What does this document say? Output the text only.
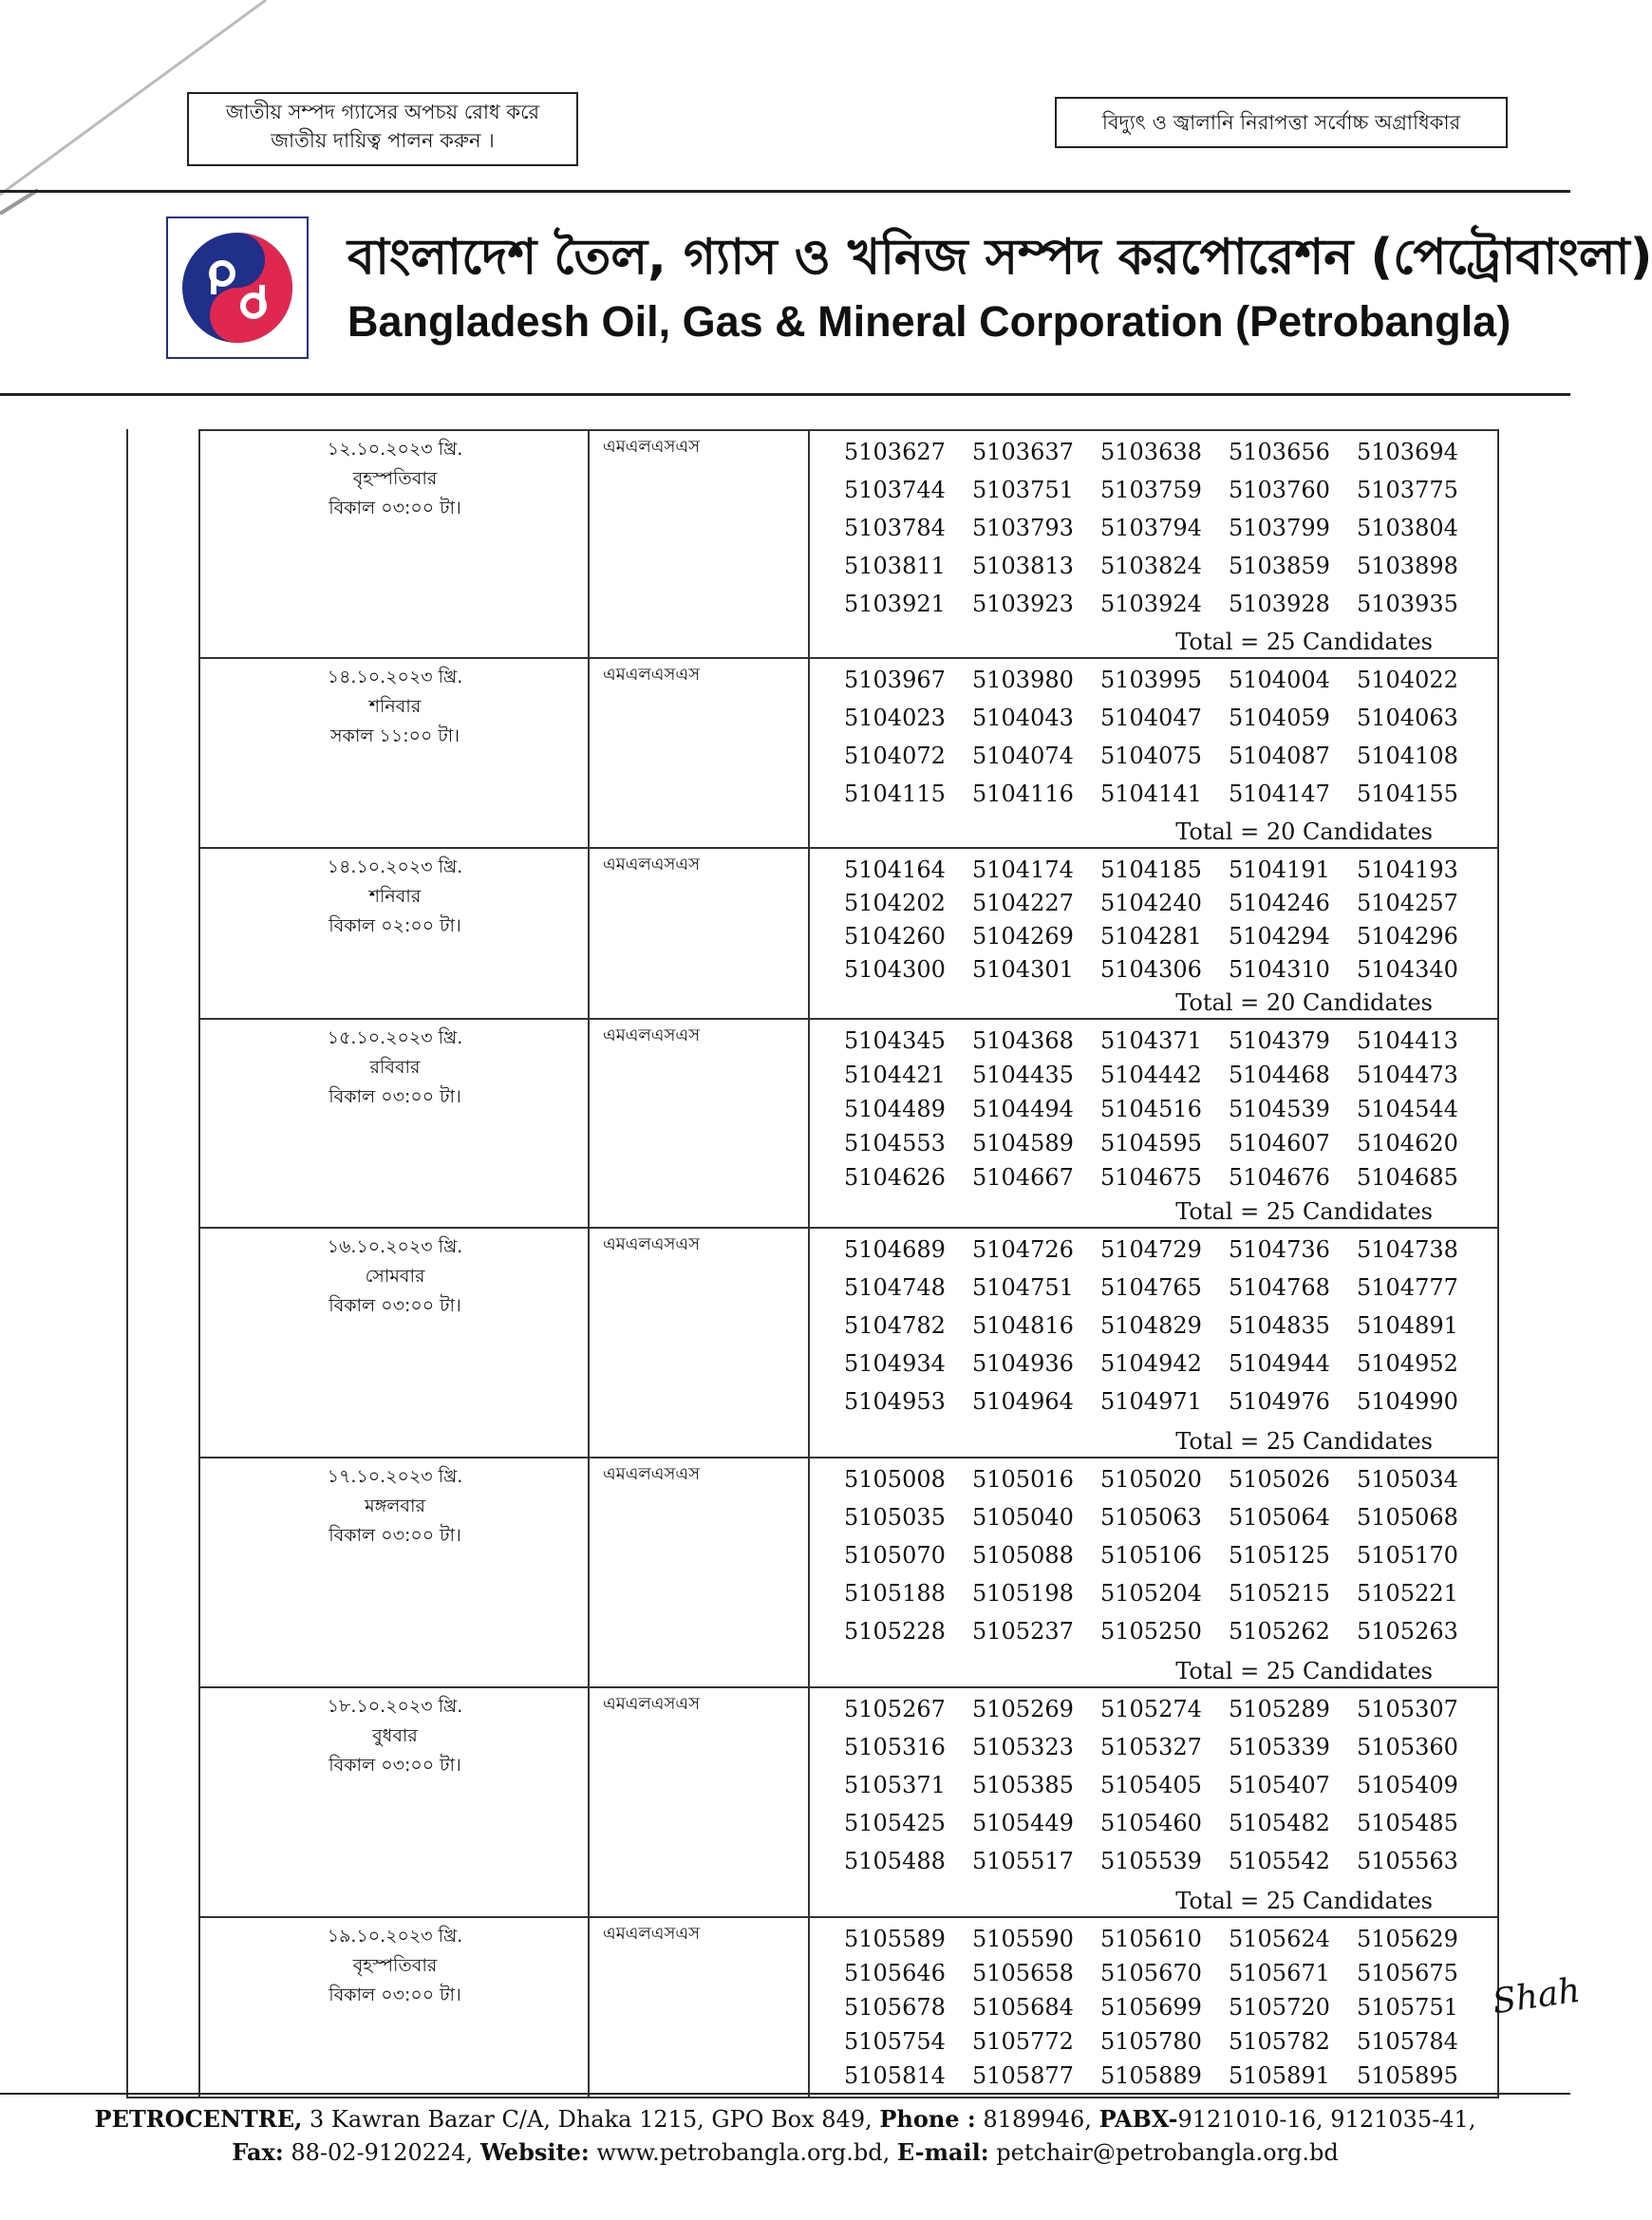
জাতীয় সম্পদ গ্যাসের অপচয় রোধ করে
জাতীয় দায়িত্ব পালন করুন ।
বিদ্যুৎ ও জ্বালানি নিরাপত্তা সর্বোচ্চ অগ্রাধিকার
বাংলাদেশ তৈল, গ্যাস ও খনিজ সম্পদ করপোরেশন (পেট্রোবাংলা)
Bangladesh Oil, Gas & Mineral Corporation (Petrobangla)
১২.১০.২০২৩ খ্রি.
বৃহস্পতিবার
বিকাল ০৩:০০ টা।
এমএলএসএস	5103627	5103637	5103638	5103656	5103694
5103744	5103751	5103759	5103760	5103775
5103784	5103793	5103794	5103799	5103804
5103811	5103813	5103824	5103859	5103898
5103921	5103923	5103924	5103928	5103935
Total = 25 Candidates
১৪.১০.২০২৩ খ্রি.
শনিবার
সকাল ১১:০০ টা।
এমএলএসএস	5103967	5103980	5103995	5104004	5104022
5104023	5104043	5104047	5104059	5104063
5104072	5104074	5104075	5104087	5104108
5104115	5104116	5104141	5104147	5104155
Total = 20 Candidates
১৪.১০.২০২৩ খ্রি.
শনিবার
বিকাল ০২:০০ টা।
এমএলএসএস	5104164	5104174	5104185	5104191	5104193
5104202	5104227	5104240	5104246	5104257
5104260	5104269	5104281	5104294	5104296
5104300	5104301	5104306	5104310	5104340
Total = 20 Candidates
১৫.১০.২০২৩ খ্রি.
রবিবার
বিকাল ০৩:০০ টা।
এমএলএসএস	5104345	5104368	5104371	5104379	5104413
5104421	5104435	5104442	5104468	5104473
5104489	5104494	5104516	5104539	5104544
5104553	5104589	5104595	5104607	5104620
5104626	5104667	5104675	5104676	5104685
Total = 25 Candidates
১৬.১০.২০২৩ খ্রি.
সোমবার
বিকাল ০৩:০০ টা।
এমএলএসএস	5104689	5104726	5104729	5104736	5104738
5104748	5104751	5104765	5104768	5104777
5104782	5104816	5104829	5104835	5104891
5104934	5104936	5104942	5104944	5104952
5104953	5104964	5104971	5104976	5104990
Total = 25 Candidates
১৭.১০.২০২৩ খ্রি.
মঙ্গলবার
বিকাল ০৩:০০ টা।
এমএলএসএস	5105008	5105016	5105020	5105026	5105034
5105035	5105040	5105063	5105064	5105068
5105070	5105088	5105106	5105125	5105170
5105188	5105198	5105204	5105215	5105221
5105228	5105237	5105250	5105262	5105263
Total = 25 Candidates
১৮.১০.২০২৩ খ্রি.
বুধবার
বিকাল ০৩:০০ টা।
এমএলএসএস	5105267	5105269	5105274	5105289	5105307
5105316	5105323	5105327	5105339	5105360
5105371	5105385	5105405	5105407	5105409
5105425	5105449	5105460	5105482	5105485
5105488	5105517	5105539	5105542	5105563
Total = 25 Candidates
১৯.১০.২০২৩ খ্রি.
বৃহস্পতিবার
বিকাল ০৩:০০ টা।
এমএলএসএস	5105589	5105590	5105610	5105624	5105629
5105646	5105658	5105670	5105671	5105675
5105678	5105684	5105699	5105720	5105751
5105754	5105772	5105780	5105782	5105784
5105814	5105877	5105889	5105891	5105895
Shah
PETROCENTRE, 3 Kawran Bazar C/A, Dhaka 1215, GPO Box 849, Phone : 8189946, PABX-9121010-16, 9121035-41,
Fax: 88-02-9120224, Website: www.petrobangla.org.bd, E-mail: petchair@petrobangla.org.bd
